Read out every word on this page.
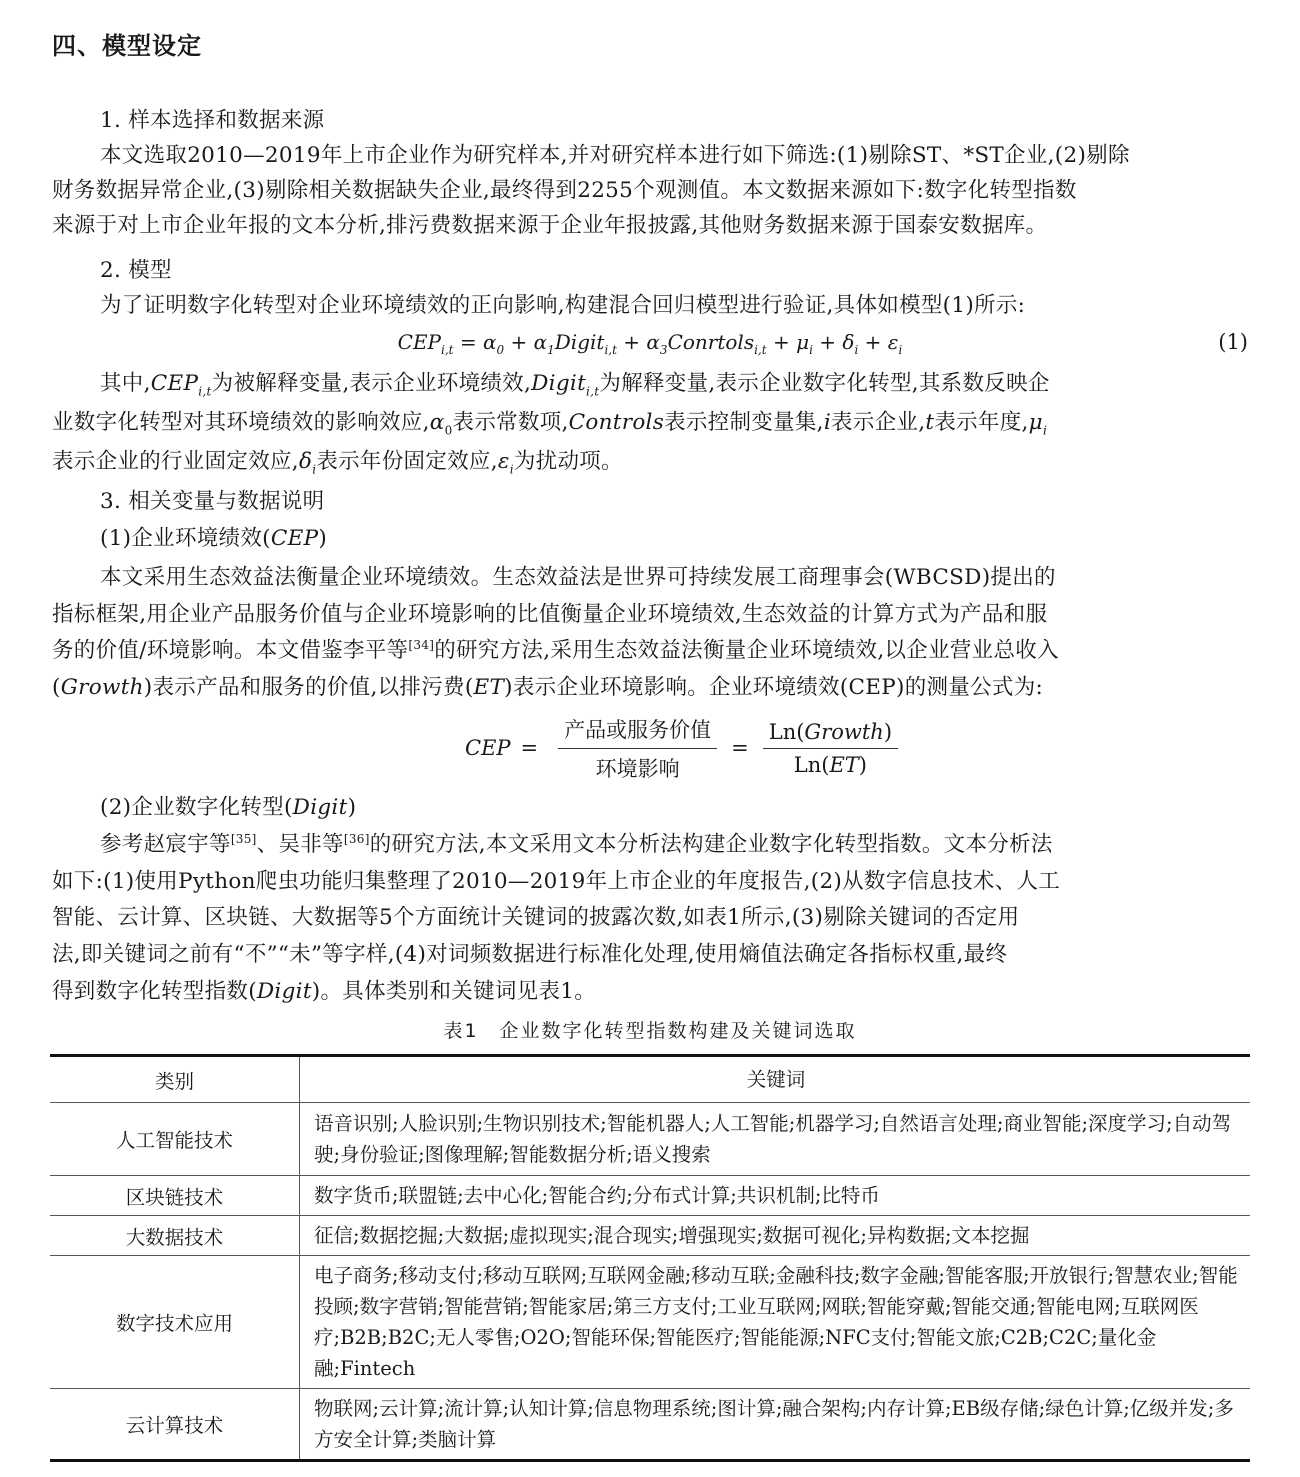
四、模型设定
1. 样本选择和数据来源
本文选取2010—2019年上市企业作为研究样本,并对研究样本进行如下筛选:(1)剔除ST、*ST企业,(2)剔除
财务数据异常企业,(3)剔除相关数据缺失企业,最终得到2255个观测值。本文数据来源如下:数字化转型指数
来源于对上市企业年报的文本分析,排污费数据来源于企业年报披露,其他财务数据来源于国泰安数据库。
2. 模型
为了证明数字化转型对企业环境绩效的正向影响,构建混合回归模型进行验证,具体如模型(1)所示:
$CEP_{i,t} = \alpha_0$ + $\alpha_1Digit_{i,t}$ + $\alpha_3Conrtols_{i,t} + \mu_i + \delta_i + \varepsilon_i$	(1)
其中$,CEP_{i,t}$为被解释变量,表示企业环境绩效,Digit$_{i,t}$为解释变量,表示企业数字化转型,其系数反映企
业数字化转型对其环境绩效的影响效应$,\alpha_0$表示常数项,Controls表示控制变量集,i表示企业,t表示年度$,\mu_i$
表示企业的行业固定效应$,\delta_i$表示年份固定效应$,\varepsilon_i$为扰动项。
3. 相关变量与数据说明
(1)企业环境绩效(CEP)
本文采用生态效益法衡量企业环境绩效。生态效益法是世界可持续发展工商理事会(WBCSD)提出的
指标框架,用企业产品服务价值与企业环境影响的比值衡量企业环境绩效,生态效益的计算方式为产品和服
务的价值/环境影响。本文借鉴李平等[34]的研究方法,采用生态效益法衡量企业环境绩效,以企业营业总收入
(Growth)表示产品和服务的价值,以排污费(ET)表示企业环境影响。企业环境绩效(CEP)的测量公式为:
CEP = $\frac{\text{产品或服务价值}}{\text{环境影响}} = \frac{\text{Ln(Growth)}}{Ln(ET)}$
(2)企业数字化转型(Digit)
参考赵宸宇等[35]、吴非等[36]的研究方法,本文采用文本分析法构建企业数字化转型指数。文本分析法
如下:(1)使用Python爬虫功能归集整理了2010—2019年上市企业的年度报告,(2)从数字信息技术、人工
智能、云计算、区块链、大数据等5个方面统计关键词的披露次数,如表1所示,(3)剔除关键词的否定用
法,即关键词之前有“不”“未”等字样,(4)对词频数据进行标准化处理,使用熵值法确定各指标权重,最终
得到数字化转型指数(Digit)。具体类别和关键词见表1。
表1　企业数字化转型指数构建及关键词选取
类别	关键词
人工智能技术	语音识别;人脸识别;生物识别技术;智能机器人;人工智能;机器学习;自然语言处理;商业智能;深度学习;自动驾驶;身份验证;图像理解;智能数据分析;语义搜索
区块链技术	数字货币;联盟链;去中心化;智能合约;分布式计算;共识机制;比特币
大数据技术	征信;数据挖掘;大数据;虚拟现实;混合现实;增强现实;数据可视化;异构数据;文本挖掘
数字技术应用	电子商务;移动支付;移动互联网;互联网金融;移动互联;金融科技;数字金融;智能客服;开放银行;智慧农业;智能投顾;数字营销;智能营销;智能家居;第三方支付;工业互联网;网联;智能穿戴;智能交通;智能电网;互联网医疗;B2B;B2C;无人零售;O2O;智能环保;智能医疗;智能能源;NFC支付;智能文旅;C2B;C2C;量化金融;Fintech
云计算技术	物联网;云计算;流计算;认知计算;信息物理系统;图计算;融合架构;内存计算;EB级存储;绿色计算;亿级并发;多方安全计算;类脑计算
